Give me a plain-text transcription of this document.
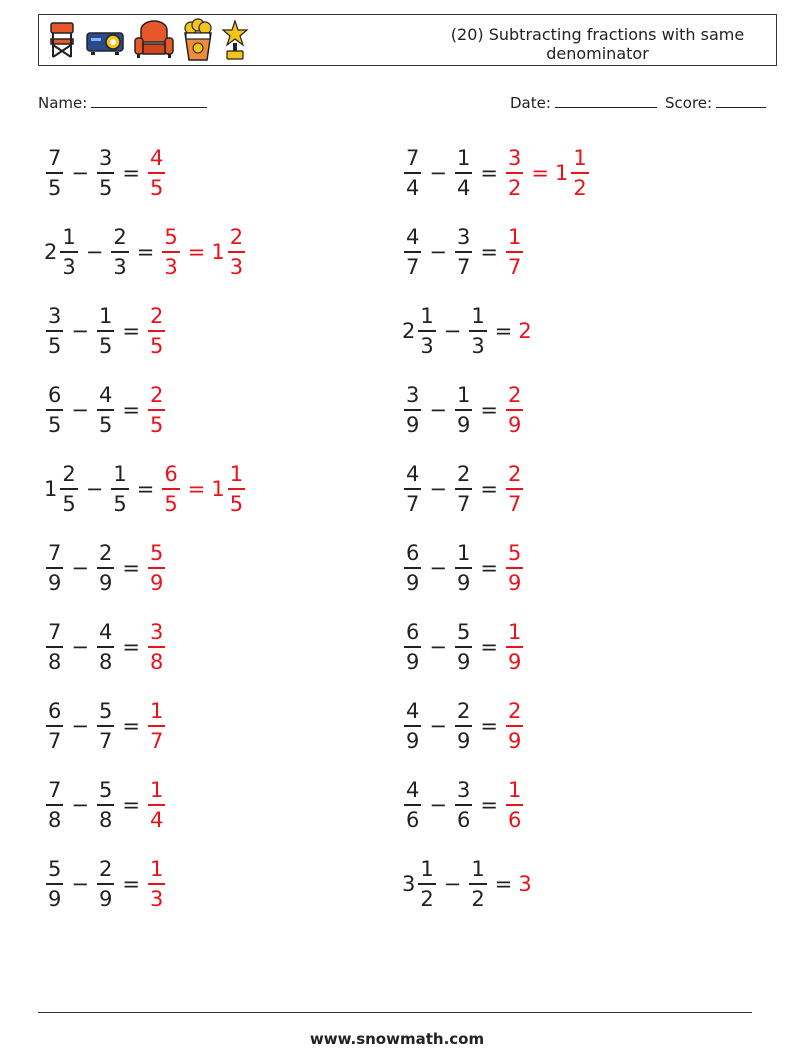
(20) Subtracting fractions with same denominator
Name:	Date:	Score:
$\frac{7}{5} - \frac{3}{5} = \frac{4}{5}$	$\frac{7}{4} - \frac{1}{4} = \frac{3}{2} = 1 \frac{1}{2}$
$2 \frac{1}{3} - \frac{2}{3} = \frac{5}{3} = 1 \frac{2}{3}$	$\frac{4}{7} - \frac{3}{7} = \frac{1}{7}$
$\frac{3}{5} - \frac{1}{5} = \frac{2}{5}$	$2 \frac{1}{3} - \frac{1}{3} = 2$
$\frac{6}{5} - \frac{4}{5} = \frac{2}{5}$	$\frac{3}{9} - \frac{1}{9} = \frac{2}{9}$
$1 \frac{2}{5} - \frac{1}{5} = \frac{6}{5} = 1 \frac{1}{5}$	$\frac{4}{7} - \frac{2}{7} = \frac{2}{7}$
$\frac{7}{9} - \frac{2}{9} = \frac{5}{9}$	$\frac{6}{9} - \frac{1}{9} = \frac{5}{9}$
$\frac{7}{8} - \frac{4}{8} = \frac{3}{8}$	$\frac{6}{9} - \frac{5}{9} = \frac{1}{9}$
$\frac{6}{7} - \frac{5}{7} = \frac{1}{7}$	$\frac{4}{9} - \frac{2}{9} = \frac{2}{9}$
$\frac{7}{8} - \frac{5}{8} = \frac{1}{4}$	$\frac{4}{6} - \frac{3}{6} = \frac{1}{6}$
$\frac{5}{9} - \frac{2}{9} = \frac{1}{3}$	$3 \frac{1}{2} - \frac{1}{2} = 3$
www.snowmath.com
